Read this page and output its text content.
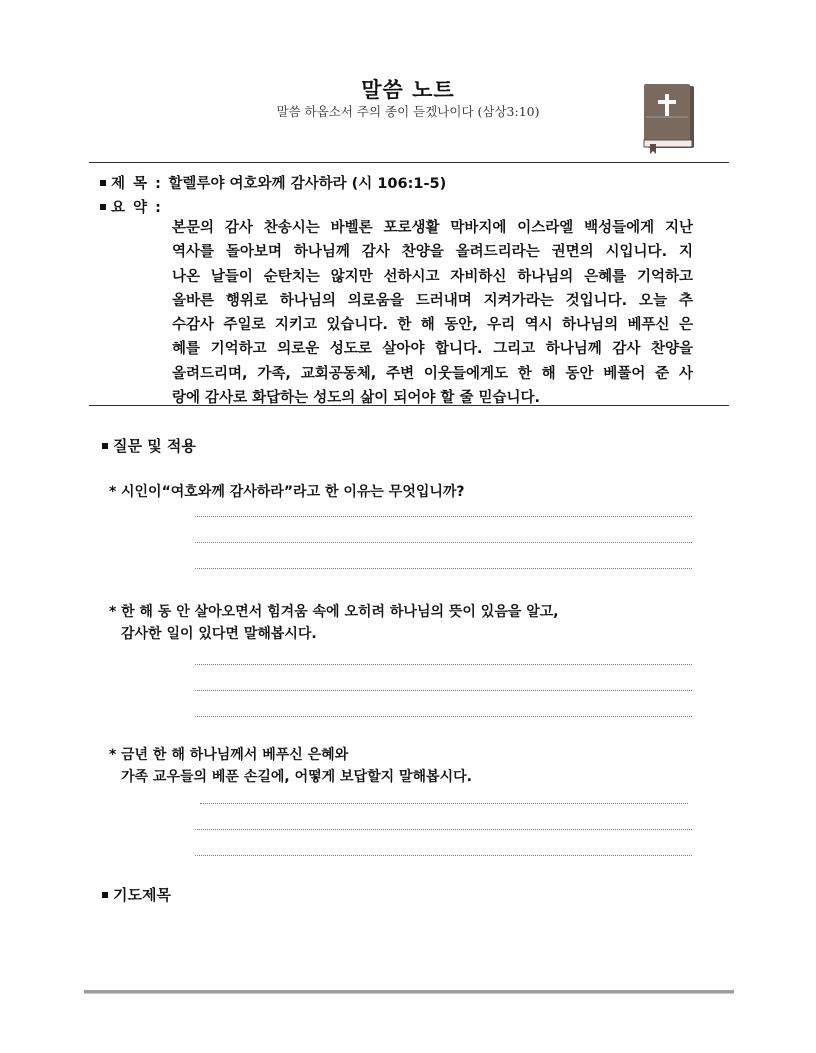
말씀 노트
말씀 하옵소서 주의 종이 듣겠나이다 (삼상3:10)
제 목 : 할렐루야 여호와께 감사하라 (시 106:1-5)
요 약 :
본문의 감사 찬송시는 바벨론 포로생활 막바지에 이스라엘 백성들에게 지난
역사를 돌아보며 하나님께 감사 찬양을 올려드리라는 권면의 시입니다. 지
나온 날들이 순탄치는 않지만 선하시고 자비하신 하나님의 은혜를 기억하고
올바른 행위로 하나님의 의로움을 드러내며 지켜가라는 것입니다. 오늘 추
수감사 주일로 지키고 있습니다. 한 해 동안, 우리 역시 하나님의 베푸신 은
혜를 기억하고 의로운 성도로 살아야 합니다. 그리고 하나님께 감사 찬양을
올려드리며, 가족, 교회공동체, 주변 이웃들에게도 한 해 동안 베풀어 준 사
랑에 감사로 화답하는 성도의 삶이 되어야 할 줄 믿습니다.
질문 및 적용
* 시인이“여호와께 감사하라”라고 한 이유는 무엇입니까?
* 한 해 동 안 살아오면서 힘겨움 속에 오히려 하나님의 뜻이 있음을 알고,
감사한 일이 있다면 말해봅시다.
* 금년 한 해 하나님께서 베푸신 은혜와
가족 교우들의 베푼 손길에, 어떻게 보답할지 말해봅시다.
기도제목
